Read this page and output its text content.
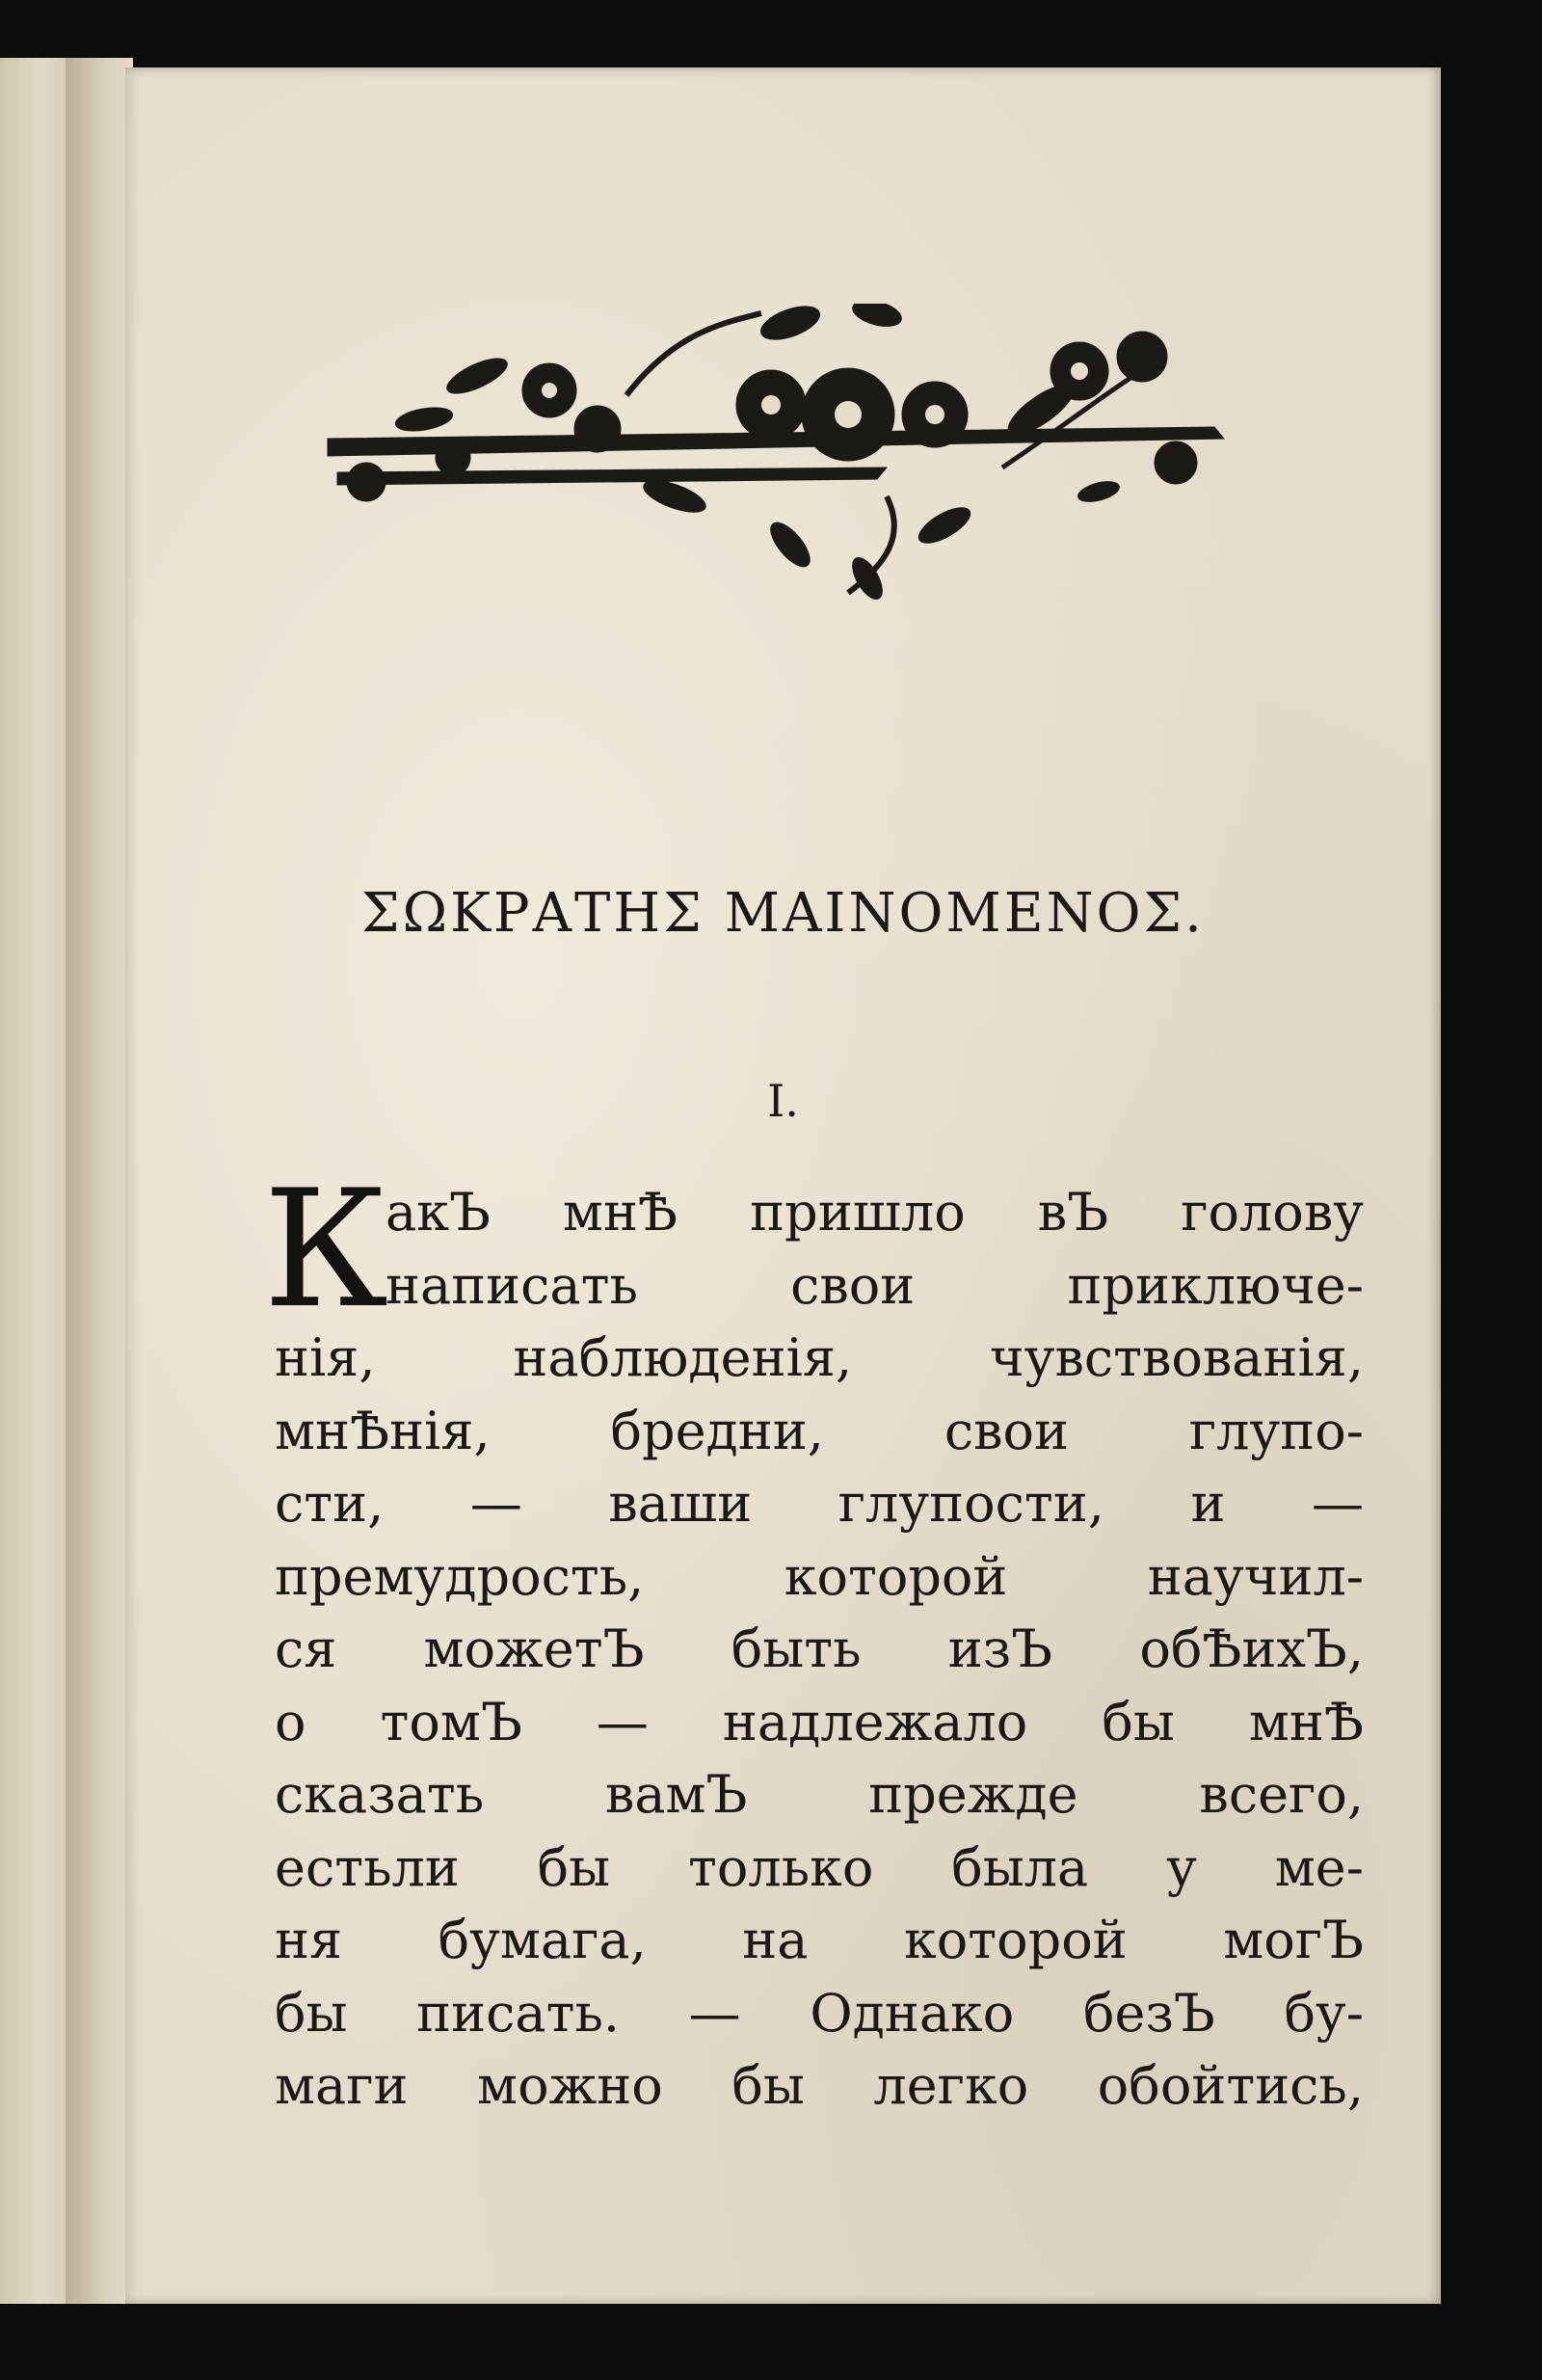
ΣΩΚΡΑΤΗΣ ΜΑΙΝΟΜΕΝΟΣ.
I.
К
акЪ мнѢ пришло вЪ голову
написать свои приключе-
нія, наблюденія, чувствованія,
мнѢнія, бредни, свои глупо-
сти, — ваши глупости, и —
премудрость, которой научил-
ся можетЪ быть изЪ обѢихЪ,
о томЪ — надлежало бы мнѢ
сказать вамЪ прежде всего,
естьли бы только была у ме-
ня бумага, на которой могЪ
бы писать. — Однако безЪ бу-
маги можно бы легко обойтись,
